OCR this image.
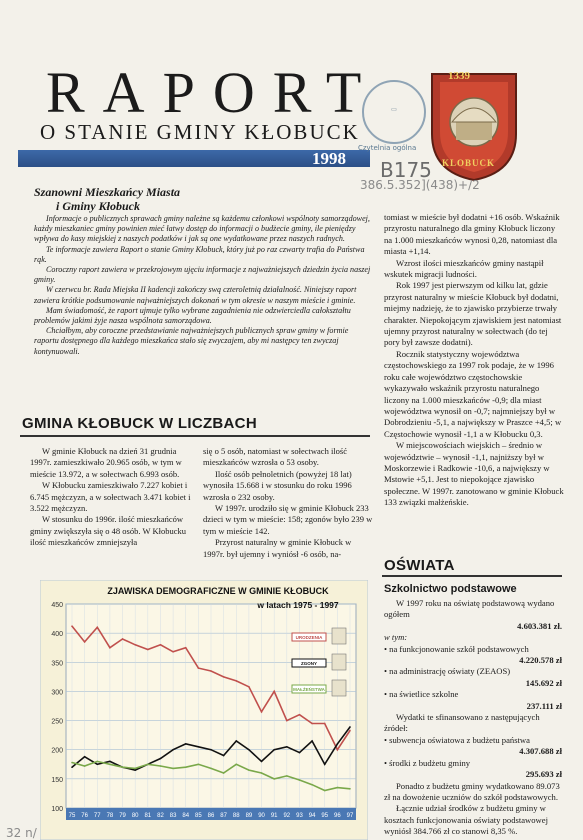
RAPORT
O STANIE GMINY KŁOBUCK
1998
▭
Czytelnia ogólna
1339
KLOBUCK
B175
386.5.352](438)+/2
Szanowni Mieszkańcy Miasta
i Gminy Kłobuck

Informacje o publicznych sprawach gminy należne są każdemu członkowi wspólnoty samorządowej, każdy mieszkaniec gminy powinien mieć łatwy dostęp do informacji o budżecie gminy, ile pieniędzy wpływa do kasy miejskiej z naszych podatków i jak są one wydatkowane przez naszych radnych.

Te informacje zawiera Raport o stanie Gminy Kłobuck, który już po raz czwarty trafia do Państwa rąk.

Coroczny raport zawiera w przekrojowym ujęciu informacje z najważniejszych dziedzin życia naszej gminy.

W czerwcu br. Rada Miejska II kadencji zakończy swą czteroletnią działalność. Niniejszy raport zawiera krótkie podsumowanie najważniejszych dokonań w tym okresie w naszym mieście i gminie.

Mam świadomość, że raport ujmuje tylko wybrane zagadnienia nie odzwierciedla całokształtu problemów jakimi żyje nasza wspólnota samorządowa.

Chciałbym, aby coroczne przedstawianie najważniejszych publicznych spraw gminy w formie raportu dostępnego dla każdego mieszkańca stało się zwyczajem, aby mi następcy ten zwyczaj kontynuowali.

tomiast w mieście był dodatni +16 osób. Wskaźnik przyrostu naturalnego dla gminy Kłobuck liczony na 1.000 mieszkańców wynosi 0,28, natomiast dla miasta +1,14.

Wzrost ilości mieszkańców gminy nastąpił wskutek migracji ludności.

Rok 1997 jest pierwszym od kilku lat, gdzie przyrost naturalny w mieście Kłobuck był dodatni, miejmy nadzieję, że to zjawisko przybierze trwały charakter. Niepokojącym zjawiskiem jest natomiast ujemny przyrost naturalny w sołectwach (do tej pory był zawsze dodatni).

Rocznik statystyczny województwa częstochowskiego za 1997 rok podaje, że w 1996 roku całe województwo częstochowskie wykazywało wskaźnik przyrostu naturalnego liczony na 1.000 mieszkańców -0,9; dla miast województwa wynosił on -0,7; najmniejszy był w Dobrodzieniu -5,1, a największy w Praszce +4,5; w Częstochowie wynosił -1,1 a w Kłobucku 0,3.

W miejscowościach wiejskich – średnio w województwie – wynosił -1,1, najniższy był w Moskorzewie i Radkowie -10,6, a największy w Mstowie +5,1. Jest to niepokojące zjawisko społeczne. W 1997r. zanotowano w gminie Kłobuck 133 związki małżeńskie.

GMINA KŁOBUCK W LICZBACH

W gminie Kłobuck na dzień 31 grudnia 1997r. zamieszkiwało 20.965 osób, w tym w mieście 13.972, a w sołectwach 6.993 osób.

W Kłobucku zamieszkiwało 7.227 kobiet i 6.745 mężczyzn, a w sołectwach 3.471 kobiet i 3.522 mężczyzn.

W stosunku do 1996r. ilość mieszkańców gminy zwiększyła się o 48 osób. W Kłobucku ilość mieszkańców zmniejszyła

się o 5 osób, natomiast w sołectwach ilość mieszkańców wzrosła o 53 osoby.

Ilość osób pełnoletnich (powyżej 18 lat) wynosiła 15.668 i w stosunku do roku 1996 wzrosła o 232 osoby.

W 1997r. urodziło się w gminie Kłobuck 233 dzieci w tym w mieście: 158; zgonów było 239 w tym w mieście 142.

Przyrost naturalny w gminie Kłobuck w 1997r. był ujemny i wyniósł -6 osób, na-

OŚWIATA
Szkolnictwo podstawowe

W 1997 roku na oświatę podstawową wydano ogółem

4.603.381 zł.

w tym:

• na funkcjonowanie szkół podstawowych

4.220.578 zł

• na administrację oświaty (ZEAOS)

145.692 zł

• na świetlice szkolne

237.111 zł

Wydatki te sfinansowano z następujących źródeł:

• subwencja oświatowa z budżetu państwa

4.307.688 zł

• środki z budżetu gminy

295.693 zł

Ponadto z budżetu gminy wydatkowano 89.073 zł na dowożenie uczniów do szkół podstawowych.

Łącznie udział środków z budżetu gminy w kosztach funkcjonowania oświaty podstawowej wyniósł 384.766 zł co stanowi 8,35 %.

100
150
200
250
300
350
400
450
75 76 77 78 79 80 81 82 83 84 85 86 87 88 89 90 91 92 93 94 95 96 97
ZJAWISKA DEMOGRAFICZNE W GMINIE KŁOBUCK
w latach 1975 - 1997
URODZENIA
ZGONY
MAŁŻEŃSTWA
32 n/
